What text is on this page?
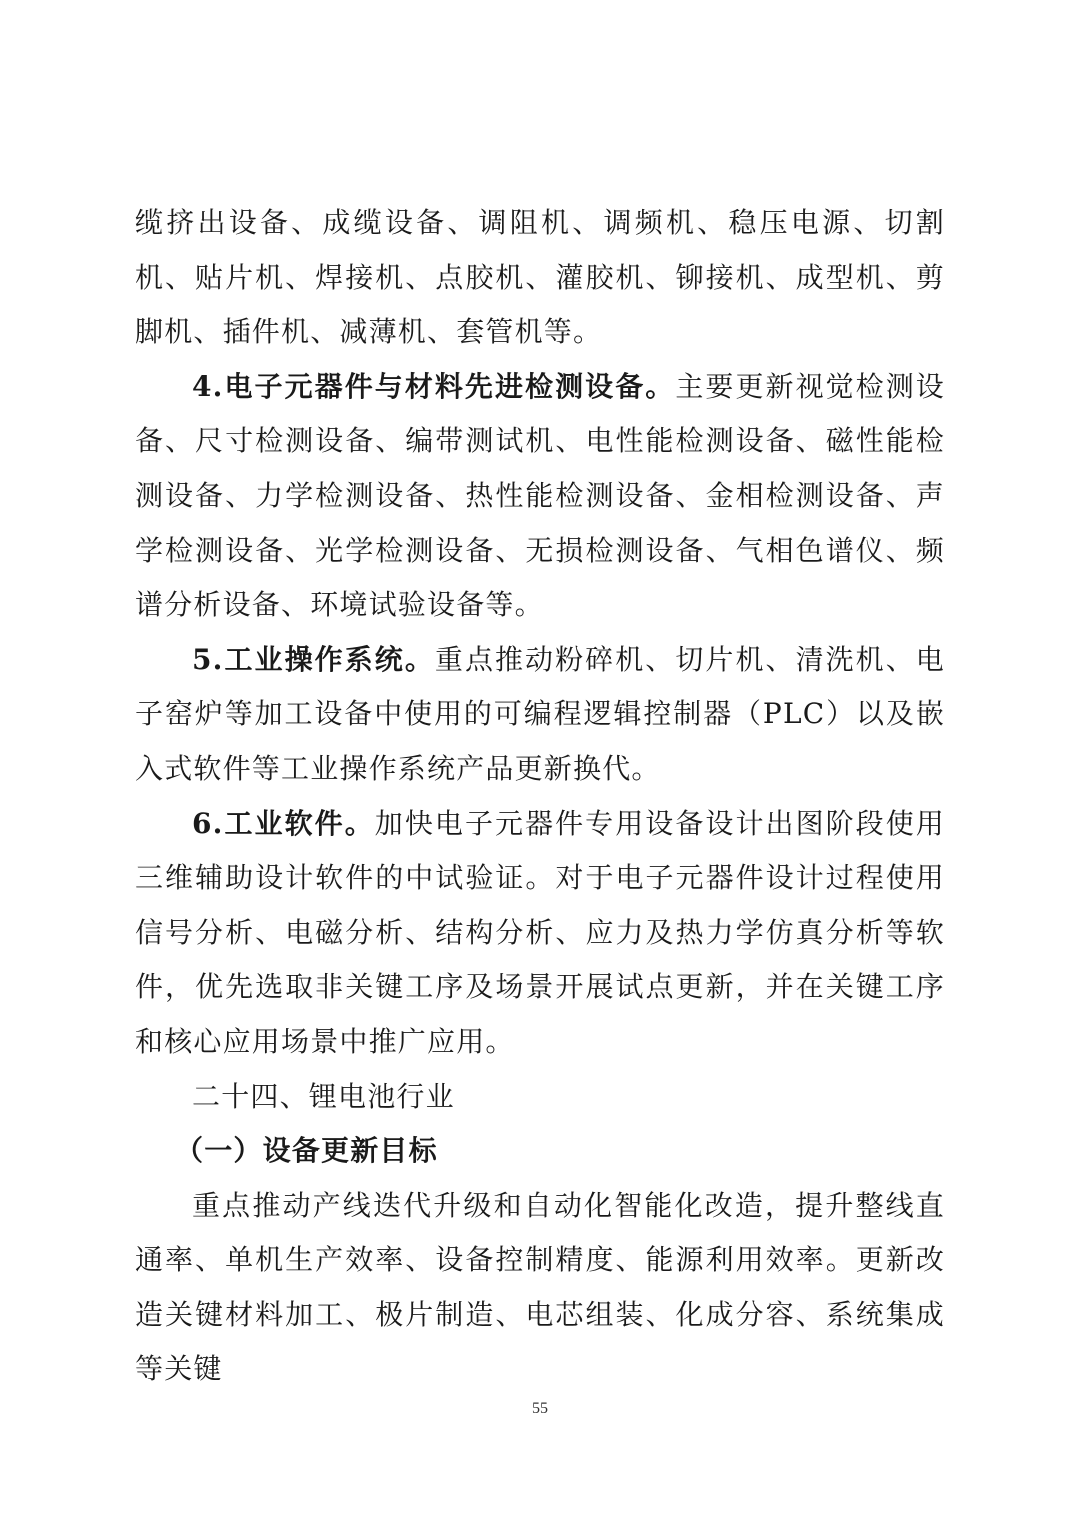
缆挤出设备、成缆设备、调阻机、调频机、稳压电源、切割机、贴片机、焊接机、点胶机、灌胶机、铆接机、成型机、剪脚机、插件机、减薄机、套管机等。

4.电子元器件与材料先进检测设备。主要更新视觉检测设备、尺寸检测设备、编带测试机、电性能检测设备、磁性能检测设备、力学检测设备、热性能检测设备、金相检测设备、声学检测设备、光学检测设备、无损检测设备、气相色谱仪、频谱分析设备、环境试验设备等。

5.工业操作系统。重点推动粉碎机、切片机、清洗机、电子窑炉等加工设备中使用的可编程逻辑控制器（PLC）以及嵌入式软件等工业操作系统产品更新换代。

6.工业软件。加快电子元器件专用设备设计出图阶段使用三维辅助设计软件的中试验证。对于电子元器件设计过程使用信号分析、电磁分析、结构分析、应力及热力学仿真分析等软件，优先选取非关键工序及场景开展试点更新，并在关键工序和核心应用场景中推广应用。

二十四、锂电池行业

（一）设备更新目标

重点推动产线迭代升级和自动化智能化改造，提升整线直通率、单机生产效率、设备控制精度、能源利用效率。更新改造关键材料加工、极片制造、电芯组装、化成分容、系统集成等关键

55
